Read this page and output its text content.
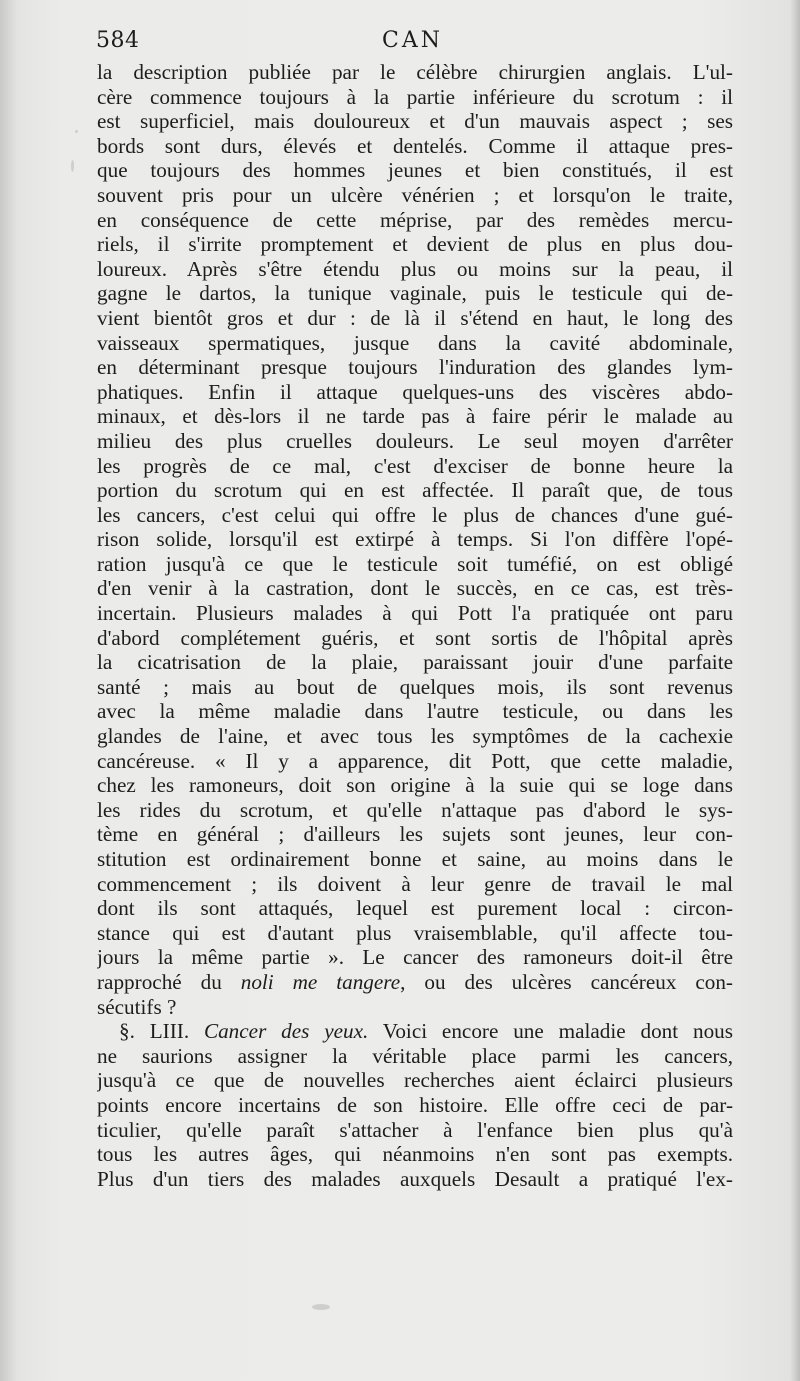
584	CAN
la description publiée par le célèbre chirurgien anglais. L'ul-
cère commence toujours à la partie inférieure du scrotum : il
est superficiel, mais douloureux et d'un mauvais aspect ; ses
bords sont durs, élevés et dentelés. Comme il attaque pres-
que toujours des hommes jeunes et bien constitués, il est
souvent pris pour un ulcère vénérien ; et lorsqu'on le traite,
en conséquence de cette méprise, par des remèdes mercu-
riels, il s'irrite promptement et devient de plus en plus dou-
loureux. Après s'être étendu plus ou moins sur la peau, il
gagne le dartos, la tunique vaginale, puis le testicule qui de-
vient bientôt gros et dur : de là il s'étend en haut, le long des
vaisseaux spermatiques, jusque dans la cavité abdominale,
en déterminant presque toujours l'induration des glandes lym-
phatiques. Enfin il attaque quelques-uns des viscères abdo-
minaux, et dès-lors il ne tarde pas à faire périr le malade au
milieu des plus cruelles douleurs. Le seul moyen d'arrêter
les progrès de ce mal, c'est d'exciser de bonne heure la
portion du scrotum qui en est affectée. Il paraît que, de tous
les cancers, c'est celui qui offre le plus de chances d'une gué-
rison solide, lorsqu'il est extirpé à temps. Si l'on diffère l'opé-
ration jusqu'à ce que le testicule soit tuméfié, on est obligé
d'en venir à la castration, dont le succès, en ce cas, est très-
incertain. Plusieurs malades à qui Pott l'a pratiquée ont paru
d'abord complétement guéris, et sont sortis de l'hôpital après
la cicatrisation de la plaie, paraissant jouir d'une parfaite
santé ; mais au bout de quelques mois, ils sont revenus
avec la même maladie dans l'autre testicule, ou dans les
glandes de l'aine, et avec tous les symptômes de la cachexie
cancéreuse. « Il y a apparence, dit Pott, que cette maladie,
chez les ramoneurs, doit son origine à la suie qui se loge dans
les rides du scrotum, et qu'elle n'attaque pas d'abord le sys-
tème en général ; d'ailleurs les sujets sont jeunes, leur con-
stitution est ordinairement bonne et saine, au moins dans le
commencement ; ils doivent à leur genre de travail le mal
dont ils sont attaqués, lequel est purement local : circon-
stance qui est d'autant plus vraisemblable, qu'il affecte tou-
jours la même partie ». Le cancer des ramoneurs doit-il être
rapproché du noli me tangere, ou des ulcères cancéreux con-
sécutifs ?
§. LIII. Cancer des yeux. Voici encore une maladie dont nous
ne saurions assigner la véritable place parmi les cancers,
jusqu'à ce que de nouvelles recherches aient éclairci plusieurs
points encore incertains de son histoire. Elle offre ceci de par-
ticulier, qu'elle paraît s'attacher à l'enfance bien plus qu'à
tous les autres âges, qui néanmoins n'en sont pas exempts.
Plus d'un tiers des malades auxquels Desault a pratiqué l'ex-
